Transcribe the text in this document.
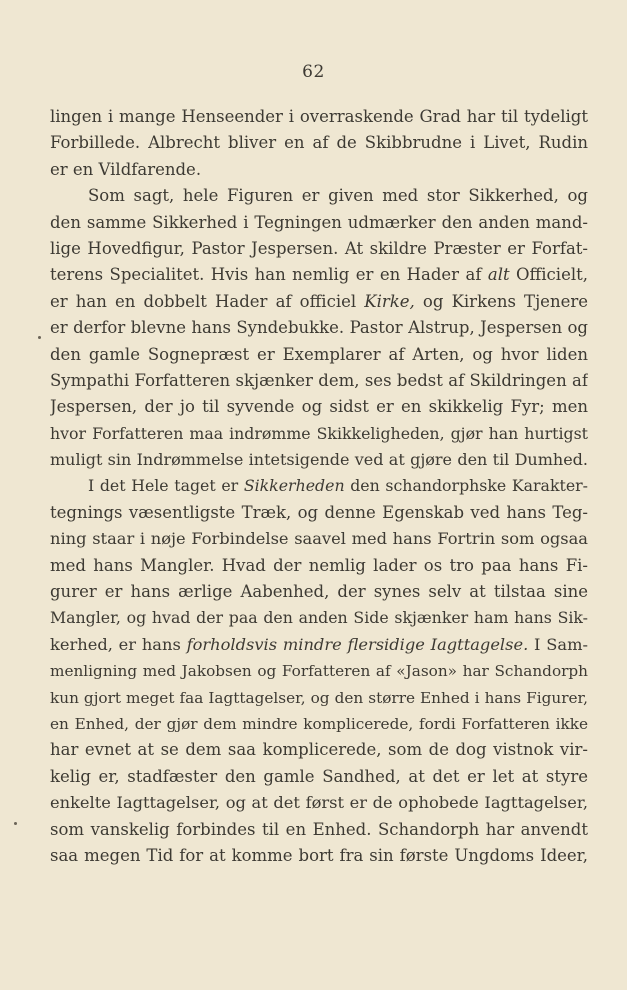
62
lingen i mange Henseender i overraskende Grad har til tydeligt
Forbillede. Albrecht bliver en af de Skibbrudne i Livet, Rudin
er en Vildfarende.
Som sagt, hele Figuren er given med stor Sikkerhed, og
den samme Sikkerhed i Tegningen udmærker den anden mand-
lige Hovedfigur, Pastor Jespersen. At skildre Præster er Forfat-
terens Specialitet. Hvis han nemlig er en Hader af alt Officielt,
er han en dobbelt Hader af officiel Kirke, og Kirkens Tjenere
er derfor blevne hans Syndebukke. Pastor Alstrup, Jespersen og
den gamle Sognepræst er Exemplarer af Arten, og hvor liden
Sympathi Forfatteren skjænker dem, ses bedst af Skildringen af
Jespersen, der jo til syvende og sidst er en skikkelig Fyr; men
hvor Forfatteren maa indrømme Skikkeligheden, gjør han hurtigst
muligt sin Indrømmelse intetsigende ved at gjøre den til Dumhed.
I det Hele taget er Sikkerheden den schandorphske Karakter-
tegnings væsentligste Træk, og denne Egenskab ved hans Teg-
ning staar i nøje Forbindelse saavel med hans Fortrin som ogsaa
med hans Mangler. Hvad der nemlig lader os tro paa hans Fi-
gurer er hans ærlige Aabenhed, der synes selv at tilstaa sine
Mangler, og hvad der paa den anden Side skjænker ham hans Sik-
kerhed, er hans forholdsvis mindre flersidige Iagttagelse. I Sam-
menligning med Jakobsen og Forfatteren af «Jason» har Schandorph
kun gjort meget faa Iagttagelser, og den større Enhed i hans Figurer,
en Enhed, der gjør dem mindre komplicerede, fordi Forfatteren ikke
har evnet at se dem saa komplicerede, som de dog vistnok vir-
kelig er, stadfæster den gamle Sandhed, at det er let at styre
enkelte Iagttagelser, og at det først er de ophobede Iagttagelser,
som vanskelig forbindes til en Enhed. Schandorph har anvendt
saa megen Tid for at komme bort fra sin første Ungdoms Ideer,
